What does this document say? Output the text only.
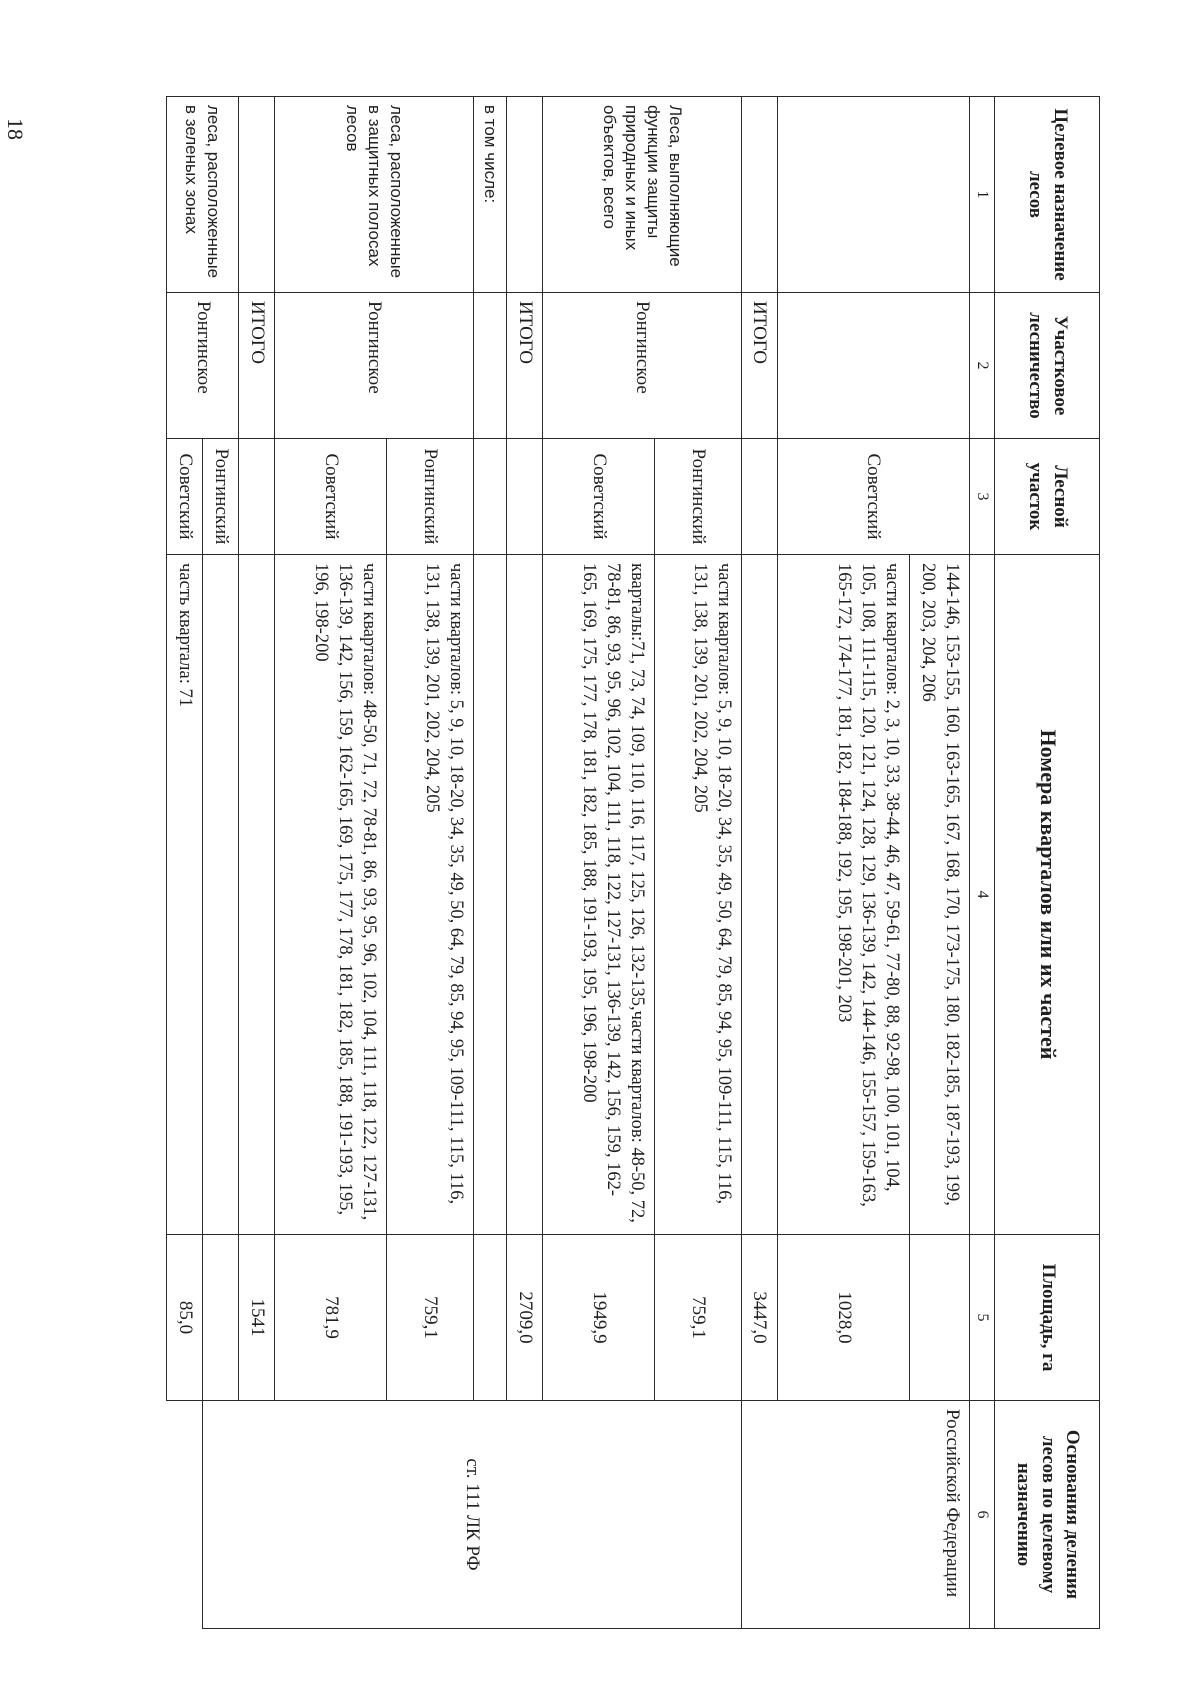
18	Целевое назначение лесов	Участковое лесничество	Лесной участок	Номера кварталов или их частей	Площадь, га	Основания деления лесов по целевому назначению
1	2	3	4	5	6
		Советский	144-146, 153-155, 160, 163-165, 167, 168, 170, 173-175, 180, 182-185, 187-193, 199, 200, 203, 204, 206		Российской Федерации
			части кварталов: 2, 3, 10, 33, 38-44, 46, 47, 59-61, 77-80, 88, 92-98, 100, 101, 104, 105, 108, 111-115, 120, 121, 124, 128, 129, 136-139, 142, 144-146, 155-157, 159-163, 165-172, 174-177, 181, 182, 184-188, 192, 195, 198-201, 203	1028,0	
	ИТОГО			3447,0	
Леса, выполняющие функции защиты природных и иных объектов, всего	Ронгинское	Ронгинский	части кварталов: 5, 9, 10, 18-20, 34, 35, 49, 50, 64, 79, 85, 94, 95, 109-111, 115, 116, 131, 138, 139, 201, 202, 204, 205	759,1	ст. 111 ЛК РФ
		Советский	кварталы:71, 73, 74, 109, 110, 116, 117, 125, 126, 132-135,части кварталов: 48-50, 72, 78-81, 86, 93, 95, 96, 102, 104, 111, 118, 122, 127-131, 136-139, 142, 156, 159, 162-165, 169, 175, 177, 178, 181, 182, 185, 188, 191-193, 195, 196, 198-200	1949,9	
	ИТОГО			2709,0	
в том числе:					
леса, расположенные в защитных полосах лесов	Ронгинское	Ронгинский	части кварталов: 5, 9, 10, 18-20, 34, 35, 49, 50, 64, 79, 85, 94, 95, 109-111, 115, 116, 131, 138, 139, 201, 202, 204, 205	759,1	
		Советский	части кварталов: 48-50, 71, 72, 78-81, 86, 93, 95, 96, 102, 104, 111, 118, 122, 127-131, 136-139, 142, 156, 159, 162-165, 169, 175, 177, 178, 181, 182, 185, 188, 191-193, 195, 196, 198-200	781,9	
	ИТОГО			1541	
леса, расположенные в зеленых зонах	Ронгинское	Ронгинский			
		Советский	часть квартала: 71	85,0	
